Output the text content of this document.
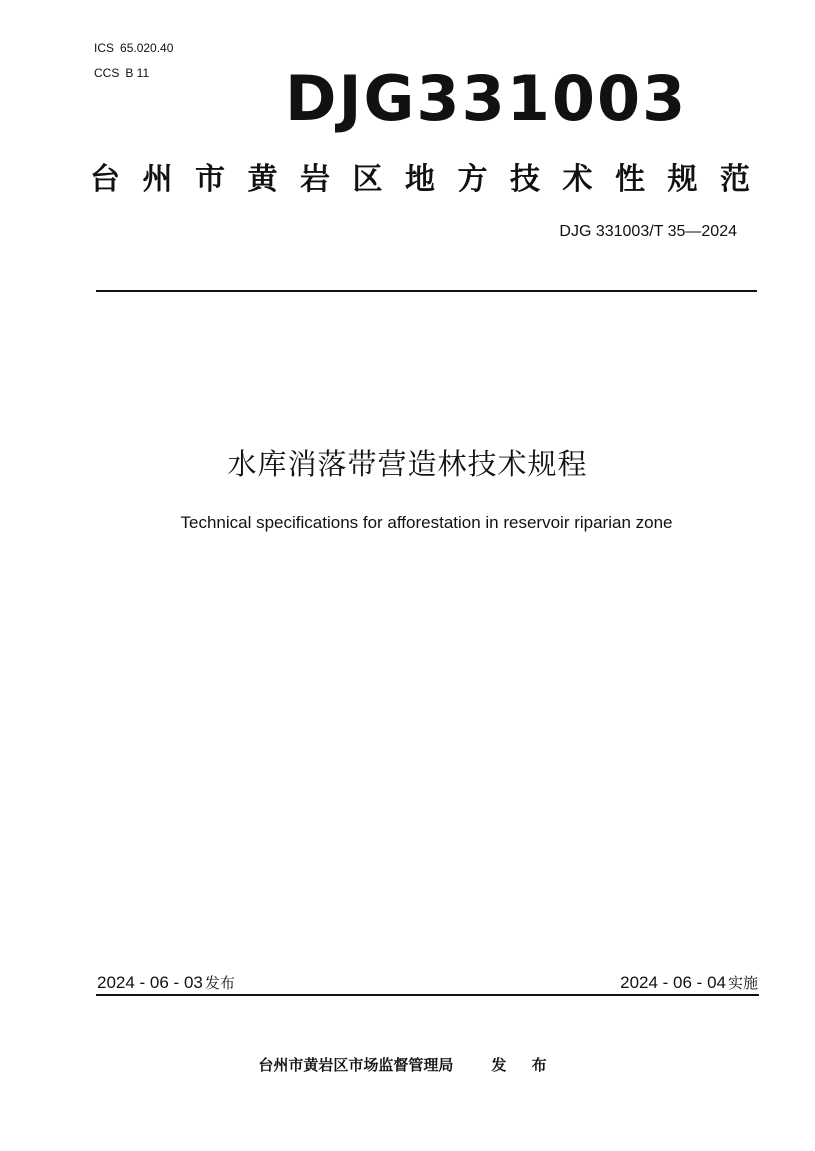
ICS 65.020.40
CCS B 11 DJG331003
台 州 市 黄 岩 区 地 方 技 术 性 规 范
DJG 331003/T 35—2024
水库消落带营造林技术规程
Technical specifications for afforestation in reservoir riparian zone
2024 - 06 - 03 发布	2024 - 06 - 04 实施
台州市黄岩区市场监督管理局	发 布
